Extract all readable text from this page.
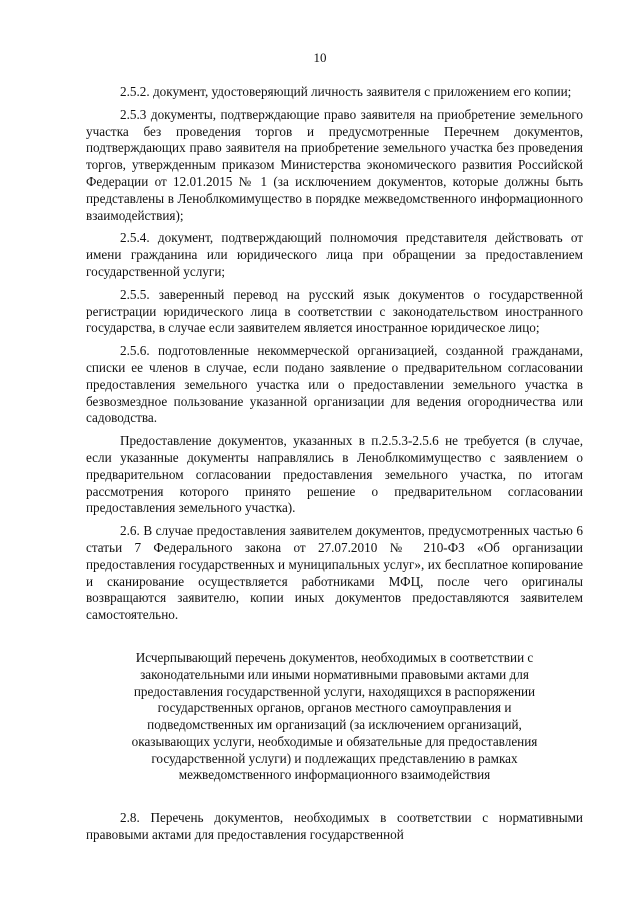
10

2.5.2. документ, удостоверяющий личность заявителя с приложением его копии;

2.5.3 документы, подтверждающие право заявителя на приобретение земельного участка без проведения торгов и предусмотренные Перечнем документов, подтверждающих право заявителя на приобретение земельного участка без проведения торгов, утвержденным приказом Министерства экономического развития Российской Федерации от 12.01.2015 № 1 (за исключением документов, которые должны быть представлены в Леноблкомимущество в порядке межведомственного информационного взаимодействия);

2.5.4. документ, подтверждающий полномочия представителя действовать от имени гражданина или юридического лица при обращении за предоставлением государственной услуги;

2.5.5. заверенный перевод на русский язык документов о государственной регистрации юридического лица в соответствии с законодательством иностранного государства, в случае если заявителем является иностранное юридическое лицо;

2.5.6. подготовленные некоммерческой организацией, созданной гражданами, списки ее членов в случае, если подано заявление о предварительном согласовании предоставления земельного участка или о предоставлении земельного участка в безвозмездное пользование указанной организации для ведения огородничества или садоводства.

Предоставление документов, указанных в п.2.5.3-2.5.6 не требуется (в случае, если указанные документы направлялись в Леноблкомимущество с заявлением о предварительном согласовании предоставления земельного участка, по итогам рассмотрения которого принято решение о предварительном согласовании предоставления земельного участка).

2.6. В случае предоставления заявителем документов, предусмотренных частью 6 статьи 7 Федерального закона от 27.07.2010 № 210-ФЗ «Об организации предоставления государственных и муниципальных услуг», их бесплатное копирование и сканирование осуществляется работниками МФЦ, после чего оригиналы возвращаются заявителю, копии иных документов предоставляются заявителем самостоятельно.

Исчерпывающий перечень документов, необходимых в соответствии с
законодательными или иными нормативными правовыми актами для
предоставления государственной услуги, находящихся в распоряжении
государственных органов, органов местного самоуправления и
подведомственных им организаций (за исключением организаций,
оказывающих услуги, необходимые и обязательные для предоставления
государственной услуги) и подлежащих представлению в рамках
межведомственного информационного взаимодействия

2.8. Перечень документов, необходимых в соответствии с нормативными правовыми актами для предоставления государственной
